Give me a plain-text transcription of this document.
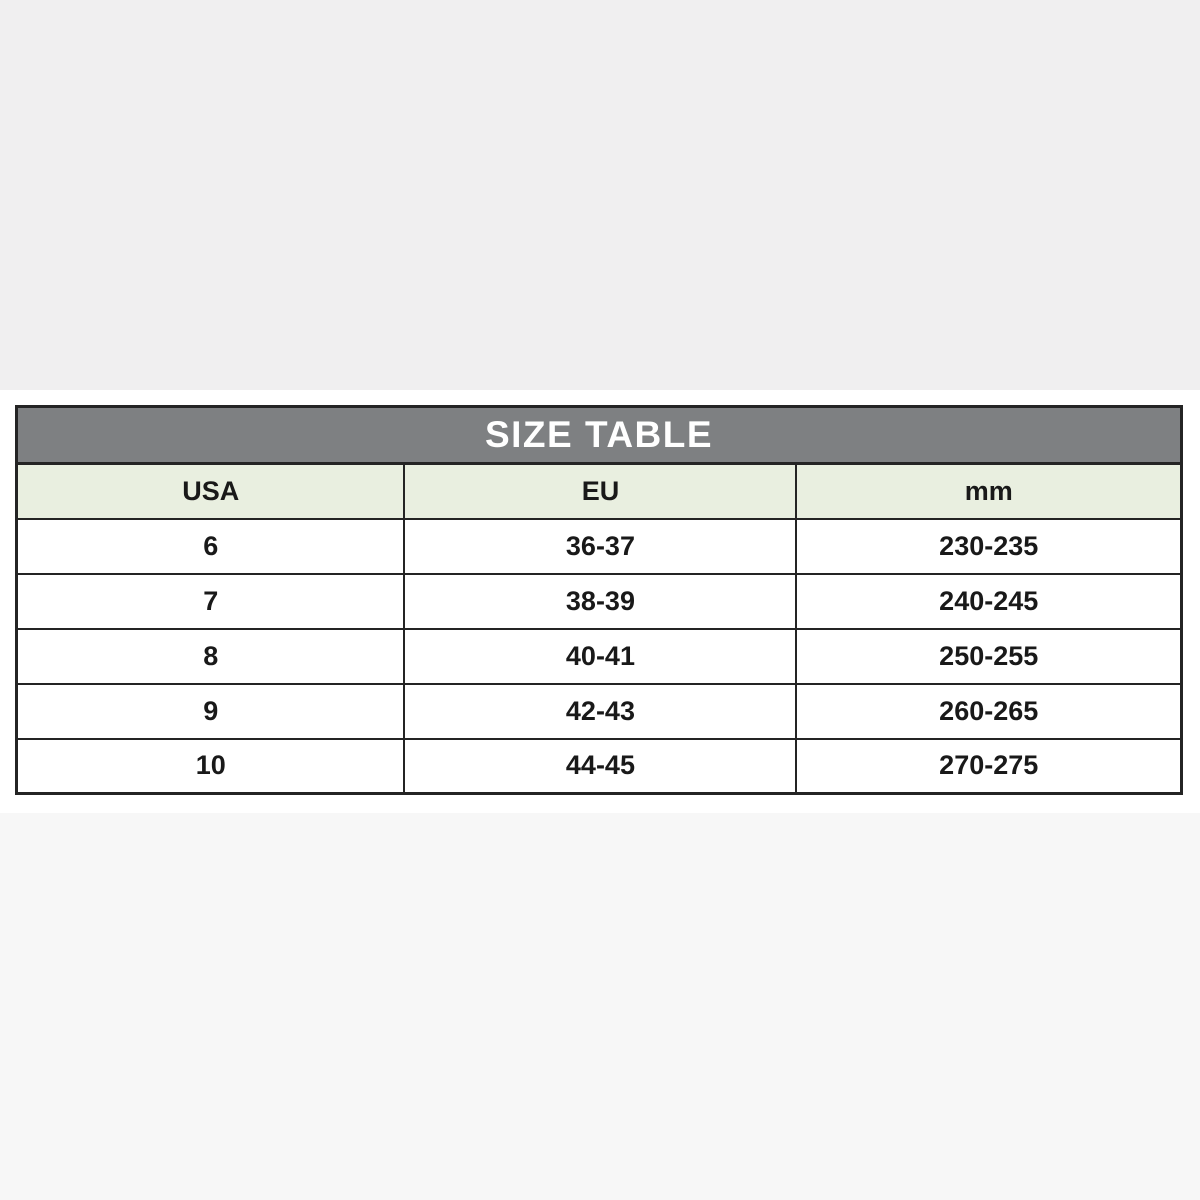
SIZE TABLE		
USA	EU	mm
6	36-37	230-235
7	38-39	240-245
8	40-41	250-255
9	42-43	260-265
10	44-45	270-275
